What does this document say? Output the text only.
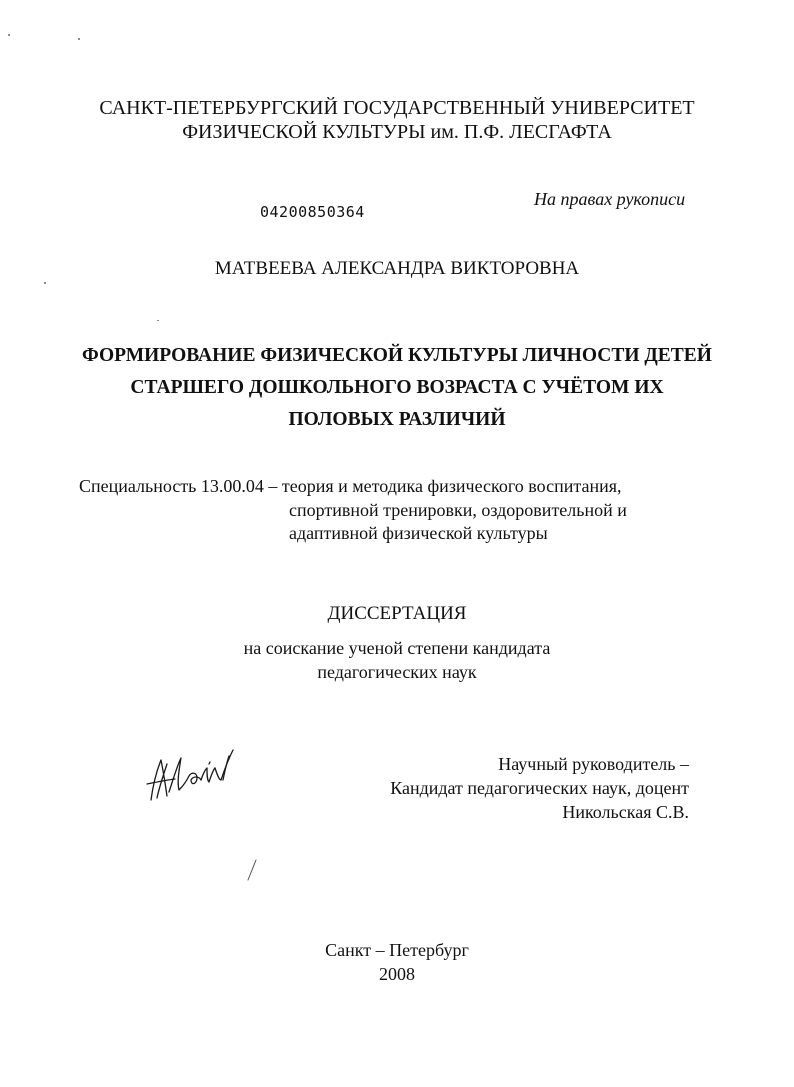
САНКТ-ПЕТЕРБУРГСКИЙ ГОСУДАРСТВЕННЫЙ УНИВЕРСИТЕТ
ФИЗИЧЕСКОЙ КУЛЬТУРЫ им. П.Ф. ЛЕСГАФТА
04200850364
На правах рукописи
МАТВЕЕВА АЛЕКСАНДРА ВИКТОРОВНА
ФОРМИРОВАНИЕ ФИЗИЧЕСКОЙ КУЛЬТУРЫ ЛИЧНОСТИ ДЕТЕЙ
СТАРШЕГО ДОШКОЛЬНОГО ВОЗРАСТА С УЧЁТОМ ИХ
ПОЛОВЫХ РАЗЛИЧИЙ
Специальность 13.00.04 – теория и методика физического воспитания,
спортивной тренировки, оздоровительной и
адаптивной физической культуры
ДИССЕРТАЦИЯ
на соискание ученой степени кандидата
педагогических наук
Научный руководитель –
Кандидат педагогических наук, доцент
Никольская С.В.
Санкт – Петербург
2008
